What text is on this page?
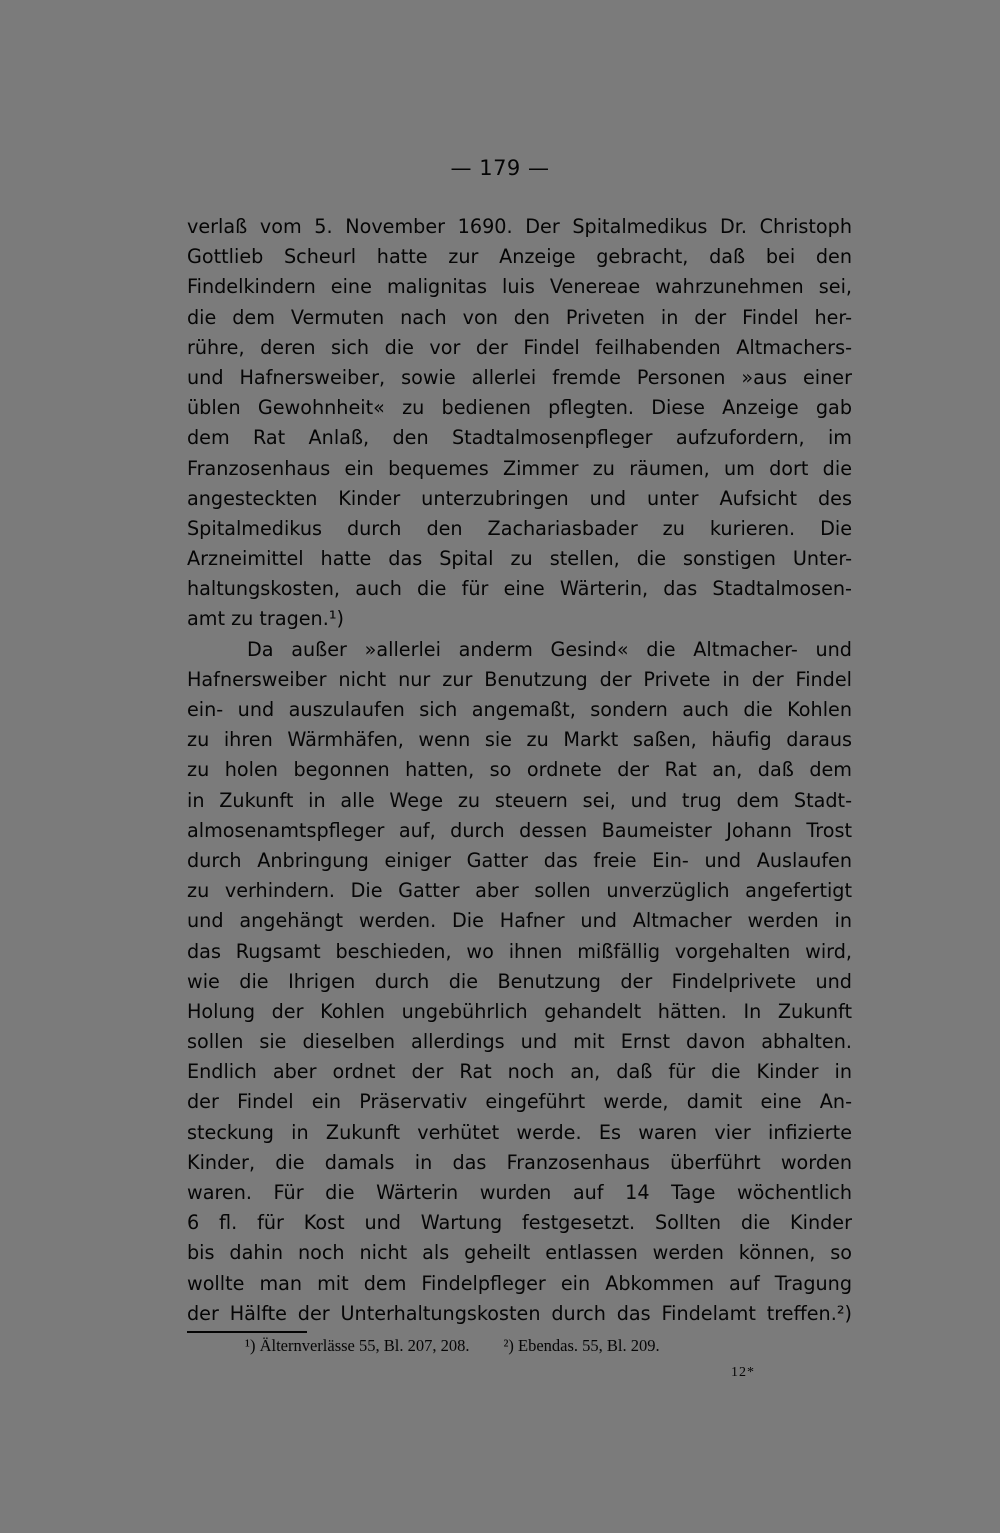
— 179 —
verlaß vom 5. November 1690. Der Spitalmedikus Dr. Christoph
Gottlieb Scheurl hatte zur Anzeige gebracht, daß bei den
Findelkindern eine malignitas luis Venereae wahrzunehmen sei,
die dem Vermuten nach von den Priveten in der Findel her-
rühre, deren sich die vor der Findel feilhabenden Altmachers-
und Hafnersweiber, sowie allerlei fremde Personen »aus einer
üblen Gewohnheit« zu bedienen pflegten. Diese Anzeige gab
dem Rat Anlaß, den Stadtalmosenpfleger aufzufordern, im
Franzosenhaus ein bequemes Zimmer zu räumen, um dort die
angesteckten Kinder unterzubringen und unter Aufsicht des
Spitalmedikus durch den Zachariasbader zu kurieren. Die
Arzneimittel hatte das Spital zu stellen, die sonstigen Unter-
haltungskosten, auch die für eine Wärterin, das Stadtalmosen-
amt zu tragen.¹)
Da außer »allerlei anderm Gesind« die Altmacher- und
Hafnersweiber nicht nur zur Benutzung der Privete in der Findel
ein- und auszulaufen sich angemaßt, sondern auch die Kohlen
zu ihren Wärmhäfen, wenn sie zu Markt saßen, häufig daraus
zu holen begonnen hatten, so ordnete der Rat an, daß dem
in Zukunft in alle Wege zu steuern sei, und trug dem Stadt-
almosenamtspfleger auf, durch dessen Baumeister Johann Trost
durch Anbringung einiger Gatter das freie Ein- und Auslaufen
zu verhindern. Die Gatter aber sollen unverzüglich angefertigt
und angehängt werden. Die Hafner und Altmacher werden in
das Rugsamt beschieden, wo ihnen mißfällig vorgehalten wird,
wie die Ihrigen durch die Benutzung der Findelprivete und
Holung der Kohlen ungebührlich gehandelt hätten. In Zukunft
sollen sie dieselben allerdings und mit Ernst davon abhalten.
Endlich aber ordnet der Rat noch an, daß für die Kinder in
der Findel ein Präservativ eingeführt werde, damit eine An-
steckung in Zukunft verhütet werde. Es waren vier infizierte
Kinder, die damals in das Franzosenhaus überführt worden
waren. Für die Wärterin wurden auf 14 Tage wöchentlich
6 fl. für Kost und Wartung festgesetzt. Sollten die Kinder
bis dahin noch nicht als geheilt entlassen werden können, so
wollte man mit dem Findelpfleger ein Abkommen auf Tragung
der Hälfte der Unterhaltungskosten durch das Findelamt treffen.²)
¹) Älternverlässe 55, Bl. 207, 208. ²) Ebendas. 55, Bl. 209.
12*
